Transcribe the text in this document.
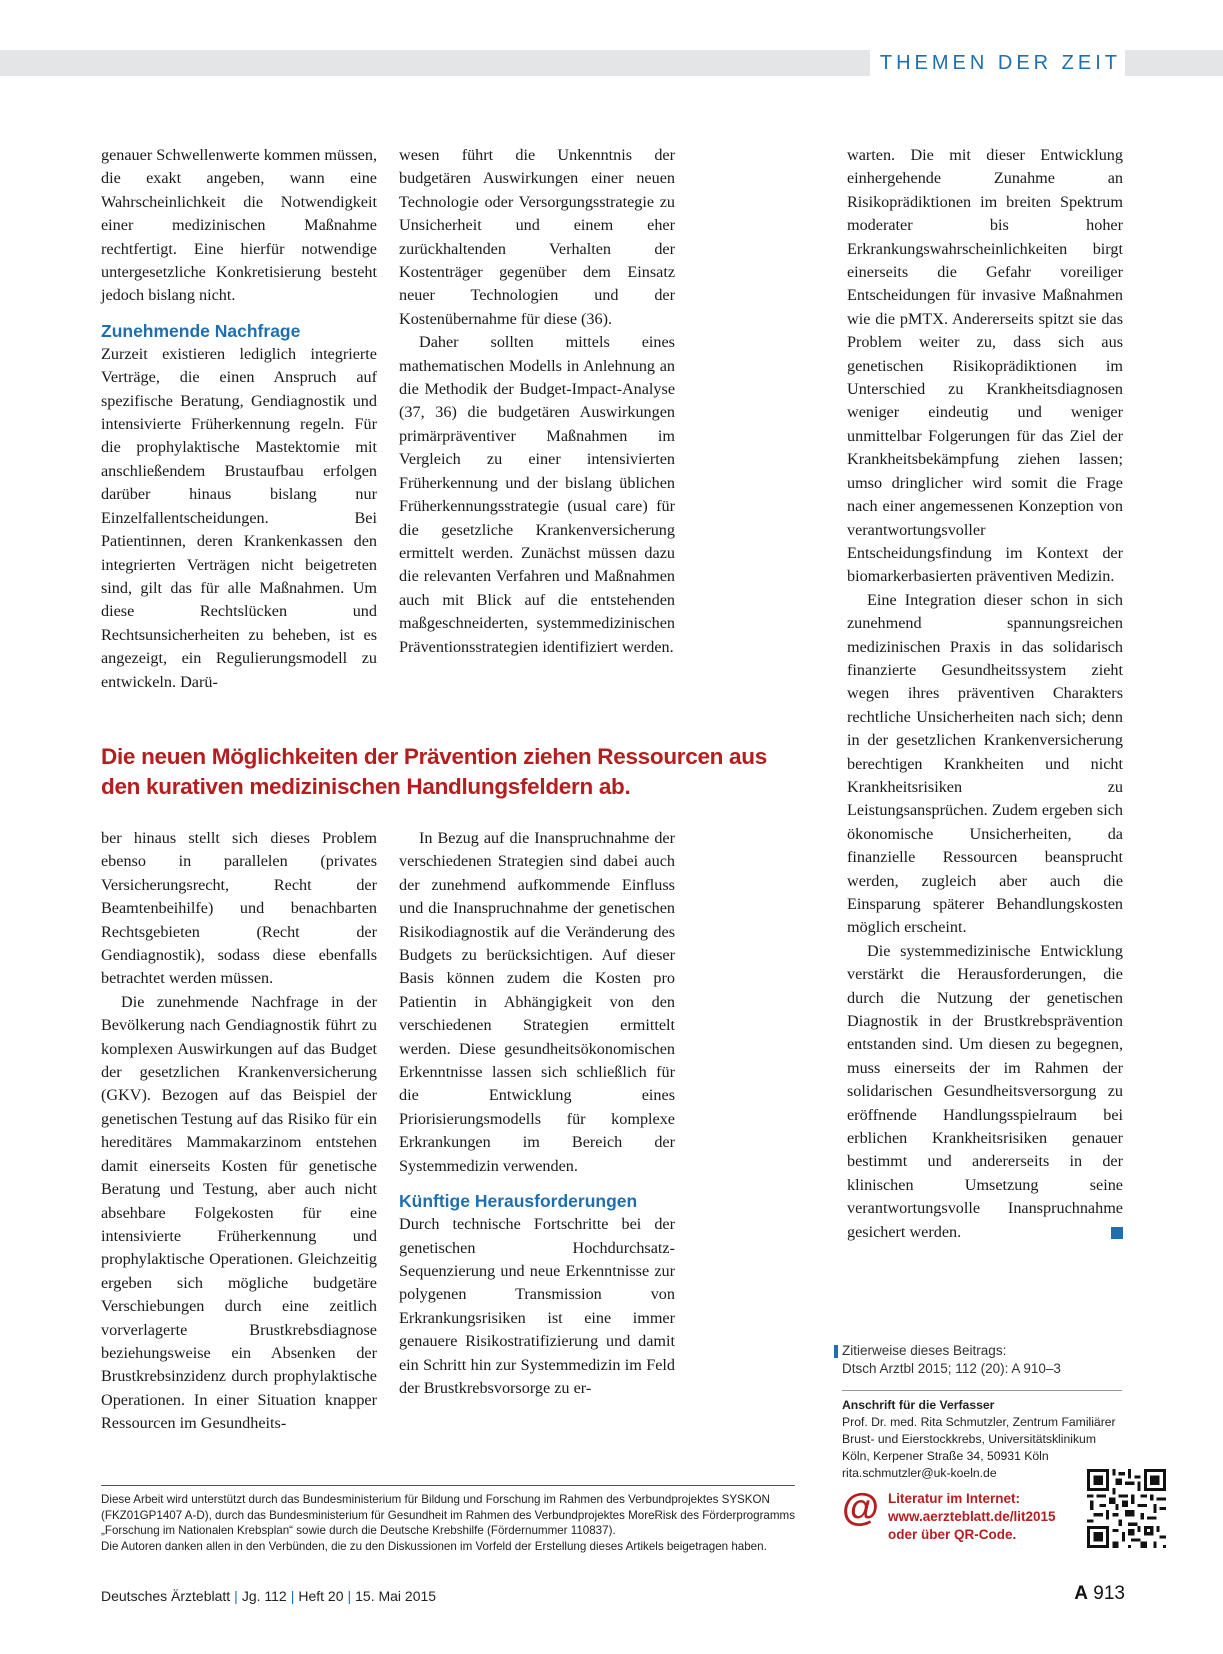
THEMEN DER ZEIT

genauer Schwellenwerte kommen müssen, die exakt angeben, wann eine Wahrscheinlichkeit die Notwendigkeit einer medizinischen Maßnahme rechtfertigt. Eine hierfür notwendige untergesetzliche Konkretisierung besteht jedoch bislang nicht.

Zunehmende Nachfrage

Zurzeit existieren lediglich integrierte Verträge, die einen Anspruch auf spezifische Beratung, Gendiagnostik und intensivierte Früherkennung regeln. Für die prophylaktische Mastektomie mit anschließendem Brustaufbau erfolgen darüber hinaus bislang nur Einzelfallentscheidungen. Bei Patientinnen, deren Krankenkassen den integrierten Verträgen nicht beigetreten sind, gilt das für alle Maßnahmen. Um diese Rechtslücken und Rechtsunsicherheiten zu beheben, ist es angezeigt, ein Regulierungsmodell zu entwickeln. Darü-

wesen führt die Unkenntnis der budgetären Auswirkungen einer neuen Technologie oder Versorgungsstrategie zu Unsicherheit und einem eher zurückhaltenden Verhalten der Kostenträger gegenüber dem Einsatz neuer Technologien und der Kostenübernahme für diese (36).

Daher sollten mittels eines mathematischen Modells in Anlehnung an die Methodik der Budget-Impact-Analyse (37, 36) die budgetären Auswirkungen primärpräventiver Maßnahmen im Vergleich zu einer intensivierten Früherkennung und der bislang üblichen Früherkennungsstrategie (usual care) für die gesetzliche Krankenversicherung ermittelt werden. Zunächst müssen dazu die relevanten Verfahren und Maßnahmen auch mit Blick auf die entstehenden maßgeschneiderten, systemmedizinischen Präventionsstrategien identifiziert werden.

Die neuen Möglichkeiten der Prävention ziehen Ressourcen aus den kurativen medizinischen Handlungsfeldern ab.

ber hinaus stellt sich dieses Problem ebenso in parallelen (privates Versicherungsrecht, Recht der Beamtenbeihilfe) und benachbarten Rechtsgebieten (Recht der Gendiagnostik), sodass diese ebenfalls betrachtet werden müssen.

Die zunehmende Nachfrage in der Bevölkerung nach Gendiagnostik führt zu komplexen Auswirkungen auf das Budget der gesetzlichen Krankenversicherung (GKV). Bezogen auf das Beispiel der genetischen Testung auf das Risiko für ein hereditäres Mammakarzinom entstehen damit einerseits Kosten für genetische Beratung und Testung, aber auch nicht absehbare Folgekosten für eine intensivierte Früherkennung und prophylaktische Operationen. Gleichzeitig ergeben sich mögliche budgetäre Verschiebungen durch eine zeitlich vorverlagerte Brustkrebsdiagnose beziehungsweise ein Absenken der Brustkrebsinzidenz durch prophylaktische Operationen. In einer Situation knapper Ressourcen im Gesundheits-

In Bezug auf die Inanspruchnahme der verschiedenen Strategien sind dabei auch der zunehmend aufkommende Einfluss und die Inanspruchnahme der genetischen Risikodiagnostik auf die Veränderung des Budgets zu berücksichtigen. Auf dieser Basis können zudem die Kosten pro Patientin in Abhängigkeit von den verschiedenen Strategien ermittelt werden. Diese gesundheitsökonomischen Erkenntnisse lassen sich schließlich für die Entwicklung eines Priorisierungsmodells für komplexe Erkrankungen im Bereich der Systemmedizin verwenden.

Künftige Herausforderungen

Durch technische Fortschritte bei der genetischen Hochdurchsatz-Sequenzierung und neue Erkenntnisse zur polygenen Transmission von Erkrankungsrisiken ist eine immer genauere Risikostratifizierung und damit ein Schritt hin zur Systemmedizin im Feld der Brustkrebsvorsorge zu er-

warten. Die mit dieser Entwicklung einhergehende Zunahme an Risikoprädiktionen im breiten Spektrum moderater bis hoher Erkrankungswahrscheinlichkeiten birgt einerseits die Gefahr voreiliger Entscheidungen für invasive Maßnahmen wie die pMTX. Andererseits spitzt sie das Problem weiter zu, dass sich aus genetischen Risikoprädiktionen im Unterschied zu Krankheitsdiagnosen weniger eindeutig und weniger unmittelbar Folgerungen für das Ziel der Krankheitsbekämpfung ziehen lassen; umso dringlicher wird somit die Frage nach einer angemessenen Konzeption von verantwortungsvoller Entscheidungsfindung im Kontext der biomarkerbasierten präventiven Medizin.

Eine Integration dieser schon in sich zunehmend spannungsreichen medizinischen Praxis in das solidarisch finanzierte Gesundheitssystem zieht wegen ihres präventiven Charakters rechtliche Unsicherheiten nach sich; denn in der gesetzlichen Krankenversicherung berechtigen Krankheiten und nicht Krankheitsrisiken zu Leistungsansprüchen. Zudem ergeben sich ökonomische Unsicherheiten, da finanzielle Ressourcen beansprucht werden, zugleich aber auch die Einsparung späterer Behandlungskosten möglich erscheint.

Die systemmedizinische Entwicklung verstärkt die Herausforderungen, die durch die Nutzung der genetischen Diagnostik in der Brustkrebsprävention entstanden sind. Um diesen zu begegnen, muss einerseits der im Rahmen der solidarischen Gesundheitsversorgung zu eröffnende Handlungsspielraum bei erblichen Krankheitsrisiken genauer bestimmt und andererseits in der klinischen Umsetzung seine verantwortungsvolle Inanspruchnahme gesichert werden.

Zitierweise dieses Beitrags:
Dtsch Arztbl 2015; 112 (20): A 910–3
Anschrift für die Verfasser
Prof. Dr. med. Rita Schmutzler, Zentrum Familiärer
Brust- und Eierstockkrebs, Universitätsklinikum
Köln, Kerpener Straße 34, 50931 Köln
rita.schmutzler@uk-koeln.de
@ Literatur im Internet:
www.aerzteblatt.de/lit2015
oder über QR-Code.
Diese Arbeit wird unterstützt durch das Bundesministerium für Bildung und Forschung im Rahmen des Verbundprojektes SYSKON (FKZ01GP1407 A-D), durch das Bundesministerium für Gesundheit im Rahmen des Verbundprojektes MoreRisk des Förderprogramms „Forschung im Nationalen Krebsplan“ sowie durch die Deutsche Krebshilfe (Fördernummer 110837).
Die Autoren danken allen in den Verbünden, die zu den Diskussionen im Vorfeld der Erstellung dieses Artikels beigetragen haben.
Deutsches Ärzteblatt | Jg. 112 | Heft 20 | 15. Mai 2015	A 913
